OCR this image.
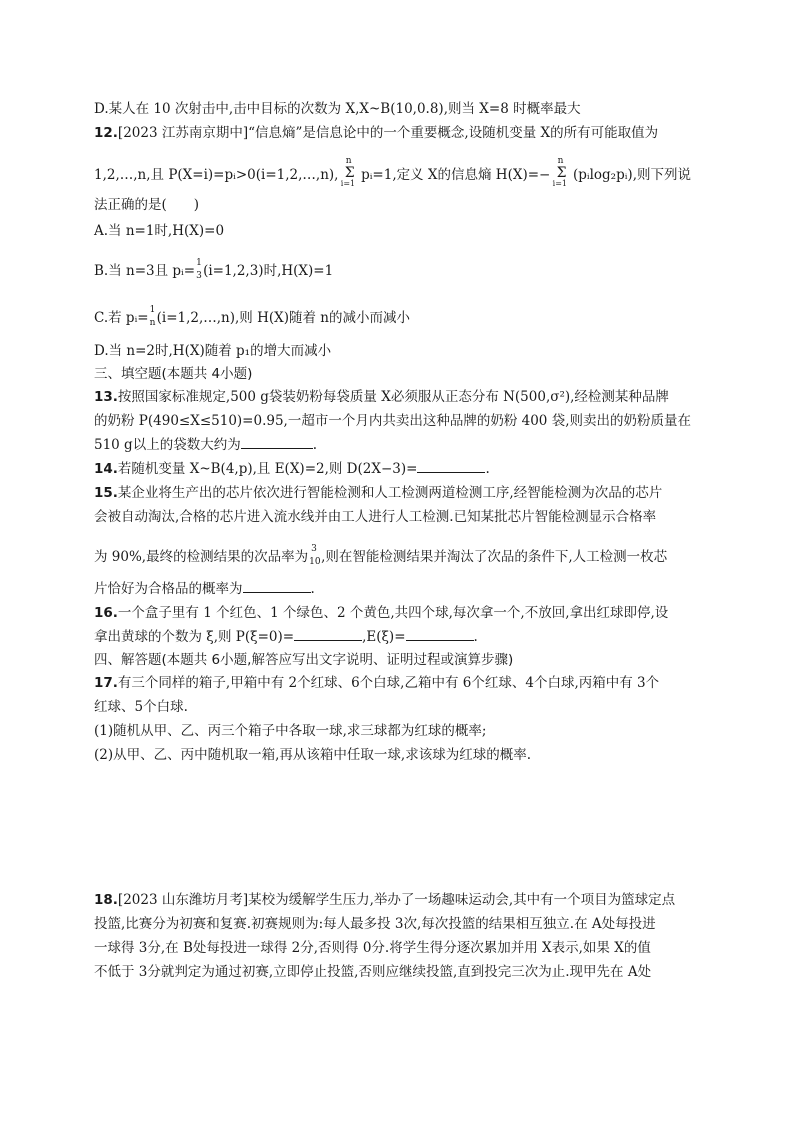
D.某人在 10 次射击中,击中目标的次数为 X,X~B(10,0.8),则当 X=8 时概率最大
12.[2023 江苏南京期中]“信息熵”是信息论中的一个重要概念,设随机变量 X的所有可能取值为
1,2,…,n,且 P(X=i)=pᵢ>0(i=1,2,…,n),
n
Σ
i=1 pᵢ=1,定义 X的信息熵 H(X)=−
n
Σ
i=1 (pᵢlog₂pᵢ),则下列说
法正确的是(　　)
A.当 n=1时,H(X)=0
B.当 n=3且 pᵢ=
1
3 (i=1,2,3)时,H(X)=1
C.若 pᵢ=
1
n (i=1,2,…,n),则 H(X)随着 n的减小而减小
D.当 n=2时,H(X)随着 p₁的增大而减小
三、填空题(本题共 4小题)
13.按照国家标准规定,500 g袋装奶粉每袋质量 X必须服从正态分布 N(500,σ²),经检测某种品牌
的奶粉 P(490≤X≤510)=0.95,一超市一个月内共卖出这种品牌的奶粉 400 袋,则卖出的奶粉质量在
510 g以上的袋数大约为	.
14.若随机变量 X~B(4,p),且 E(X)=2,则 D(2X−3)=	.
15.某企业将生产出的芯片依次进行智能检测和人工检测两道检测工序,经智能检测为次品的芯片
会被自动淘汰,合格的芯片进入流水线并由工人进行人工检测.已知某批芯片智能检测显示合格率
为 90%,最终的检测结果的次品率为
3
10 ,则在智能检测结果并淘汰了次品的条件下,人工检测一枚芯
片恰好为合格品的概率为	.
16.一个盒子里有 1 个红色、1 个绿色、2 个黄色,共四个球,每次拿一个,不放回,拿出红球即停,设
拿出黄球的个数为 ξ,则 P(ξ=0)=	,E(ξ)=	.
四、解答题(本题共 6小题,解答应写出文字说明、证明过程或演算步骤)
17.有三个同样的箱子,甲箱中有 2个红球、6个白球,乙箱中有 6个红球、4个白球,丙箱中有 3个
红球、5个白球.
(1)随机从甲、乙、丙三个箱子中各取一球,求三球都为红球的概率;
(2)从甲、乙、丙中随机取一箱,再从该箱中任取一球,求该球为红球的概率.
18.[2023 山东潍坊月考]某校为缓解学生压力,举办了一场趣味运动会,其中有一个项目为篮球定点
投篮,比赛分为初赛和复赛.初赛规则为:每人最多投 3次,每次投篮的结果相互独立.在 A处每投进
一球得 3分,在 B处每投进一球得 2分,否则得 0分.将学生得分逐次累加并用 X表示,如果 X的值
不低于 3分就判定为通过初赛,立即停止投篮,否则应继续投篮,直到投完三次为止.现甲先在 A处
